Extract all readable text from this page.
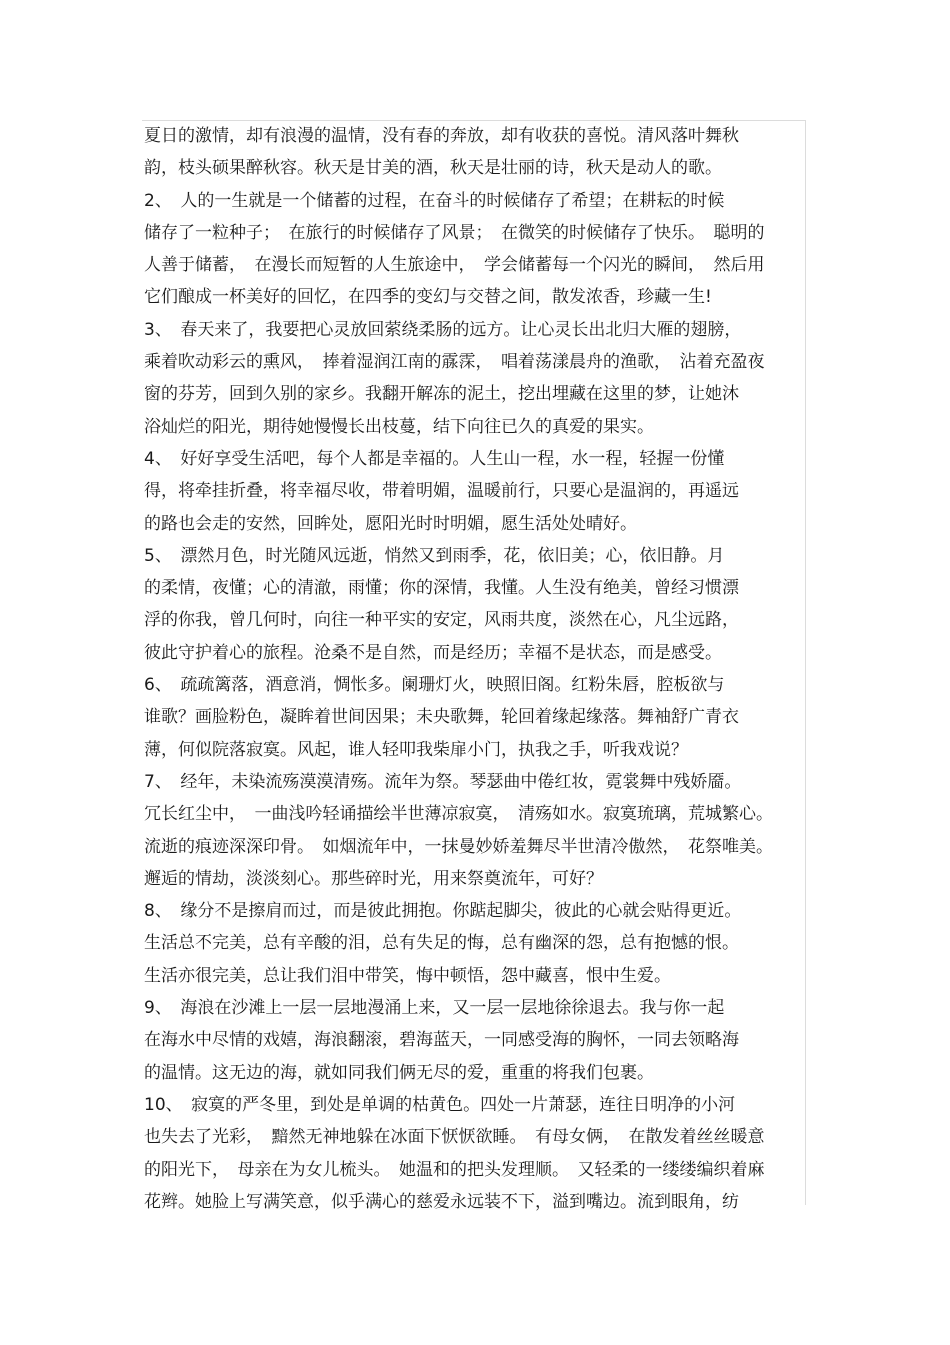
夏日的激情，却有浪漫的温情，没有春的奔放，却有收获的喜悦。清风落叶舞秋
韵，枝头硕果醉秋容。秋天是甘美的酒，秋天是壮丽的诗，秋天是动人的歌。
2、　人的一生就是一个储蓄的过程，在奋斗的时候储存了希望；在耕耘的时候
储存了一粒种子；　在旅行的时候储存了风景；　在微笑的时候储存了快乐。　聪明的
人善于储蓄，　在漫长而短暂的人生旅途中，　学会储蓄每一个闪光的瞬间，　然后用
它们酿成一杯美好的回忆，在四季的变幻与交替之间，散发浓香，珍藏一生!
3、　春天来了，我要把心灵放回萦绕柔肠的远方。让心灵长出北归大雁的翅膀，
乘着吹动彩云的熏风，　捧着湿润江南的霡霂，　唱着荡漾晨舟的渔歌，　沾着充盈夜
窗的芬芳，回到久别的家乡。我翻开解冻的泥土，挖出埋藏在这里的梦，让她沐
浴灿烂的阳光，期待她慢慢长出枝蔓，结下向往已久的真爱的果实。
4、　好好享受生活吧，每个人都是幸福的。人生山一程，水一程，轻握一份懂
得，将牵挂折叠，将幸福尽收，带着明媚，温暖前行，只要心是温润的，再遥远
的路也会走的安然，回眸处，愿阳光时时明媚，愿生活处处晴好。
5、　漂然月色，时光随风远逝，悄然又到雨季，花，依旧美；心，依旧静。月
的柔情，夜懂；心的清澈，雨懂；你的深情，我懂。人生没有绝美，曾经习惯漂
浮的你我，曾几何时，向往一种平实的安定，风雨共度，淡然在心，凡尘远路，
彼此守护着心的旅程。沧桑不是自然，而是经历；幸福不是状态，而是感受。
6、　疏疏篱落，酒意消，惆怅多。阑珊灯火，映照旧阁。红粉朱唇，腔板欲与
谁歌？画脸粉色，凝眸着世间因果；未央歌舞，轮回着缘起缘落。舞袖舒广青衣
薄，何似院落寂寞。风起，谁人轻叩我柴扉小门，执我之手，听我戏说？
7、　经年，未染流殇漠漠清殇。流年为祭。琴瑟曲中倦红妆，霓裳舞中残娇靥。
冗长红尘中，　一曲浅吟轻诵描绘半世薄凉寂寞，　清殇如水。寂寞琉璃，荒城繁心。
流逝的痕迹深深印骨。　如烟流年中，一抹曼妙娇羞舞尽半世清冷傲然，　花祭唯美。
邂逅的情劫，淡淡刻心。那些碎时光，用来祭奠流年，可好？
8、　缘分不是擦肩而过，而是彼此拥抱。你踮起脚尖，彼此的心就会贴得更近。
生活总不完美，总有辛酸的泪，总有失足的悔，总有幽深的怨，总有抱憾的恨。
生活亦很完美，总让我们泪中带笑，悔中顿悟，怨中藏喜，恨中生爱。
9、　海浪在沙滩上一层一层地漫涌上来，又一层一层地徐徐退去。我与你一起
在海水中尽情的戏嬉，海浪翻滚，碧海蓝天，一同感受海的胸怀，一同去领略海
的温情。这无边的海，就如同我们俩无尽的爱，重重的将我们包裹。
10、　寂寞的严冬里，到处是单调的枯黄色。四处一片萧瑟，连往日明净的小河
也失去了光彩，　黯然无神地躲在冰面下恹恹欲睡。　有母女俩，　在散发着丝丝暖意
的阳光下，　母亲在为女儿梳头。　她温和的把头发理顺。　又轻柔的一缕缕编织着麻
花辫。她脸上写满笑意，似乎满心的慈爱永远装不下，溢到嘴边。流到眼角，纺
